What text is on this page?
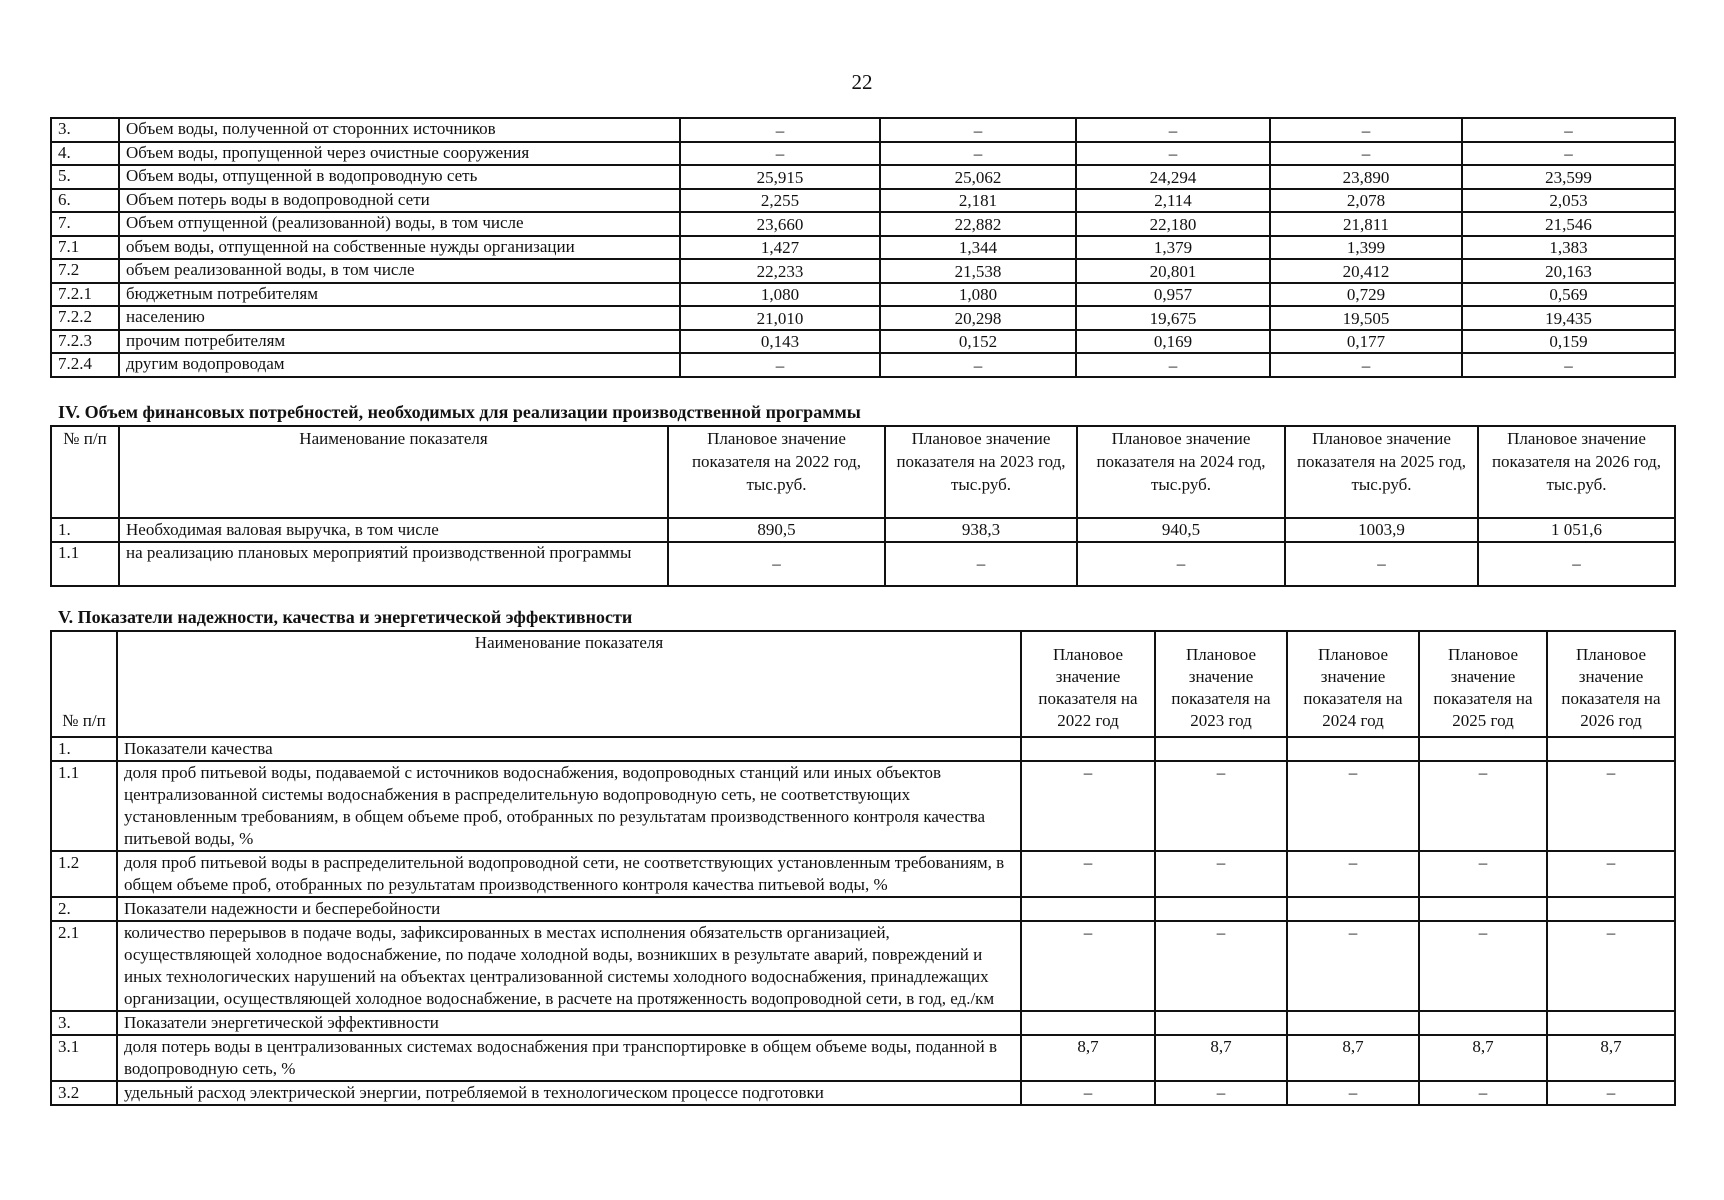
22
3.	Объем воды, полученной от сторонних источников	–	–	–	–	–
4.	Объем воды, пропущенной через очистные сооружения	–	–	–	–	–
5.	Объем воды, отпущенной в водопроводную сеть	25,915	25,062	24,294	23,890	23,599
6.	Объем потерь воды в водопроводной сети	2,255	2,181	2,114	2,078	2,053
7.	Объем отпущенной (реализованной) воды, в том числе	23,660	22,882	22,180	21,811	21,546
7.1	объем воды, отпущенной на собственные нужды организации	1,427	1,344	1,379	1,399	1,383
7.2	объем реализованной воды, в том числе	22,233	21,538	20,801	20,412	20,163
7.2.1	бюджетным потребителям	1,080	1,080	0,957	0,729	0,569
7.2.2	населению	21,010	20,298	19,675	19,505	19,435
7.2.3	прочим потребителям	0,143	0,152	0,169	0,177	0,159
7.2.4	другим водопроводам	–	–	–	–	–
IV. Объем финансовых потребностей, необходимых для реализации производственной программы
№ п/п	Наименование показателя	Плановое значение показателя на 2022 год, тыс.руб.	Плановое значение показателя на 2023 год, тыс.руб.	Плановое значение показателя на 2024 год, тыс.руб.	Плановое значение показателя на 2025 год, тыс.руб.	Плановое значение показателя на 2026 год, тыс.руб.
1.	Необходимая валовая выручка, в том числе	890,5	938,3	940,5	1003,9	1 051,6
1.1	на реализацию плановых мероприятий производственной программы	–	–	–	–	–
V. Показатели надежности, качества и энергетической эффективности
№ п/п	Наименование показателя	Плановое значение показателя на 2022 год	Плановое значение показателя на 2023 год	Плановое значение показателя на 2024 год	Плановое значение показателя на 2025 год	Плановое значение показателя на 2026 год
1.	Показатели качества					
1.1	доля проб питьевой воды, подаваемой с источников водоснабжения, водопроводных станций или иных объектов централизованной системы водоснабжения в распределительную водопроводную сеть, не соответствующих установленным требованиям, в общем объеме проб, отобранных по результатам производственного контроля качества питьевой воды, %	–	–	–	–	–
1.2	доля проб питьевой воды в распределительной водопроводной сети, не соответствующих установленным требованиям, в общем объеме проб, отобранных по результатам производственного контроля качества питьевой воды, %	–	–	–	–	–
2.	Показатели надежности и бесперебойности					
2.1	количество перерывов в подаче воды, зафиксированных в местах исполнения обязательств организацией, осуществляющей холодное водоснабжение, по подаче холодной воды, возникших в результате аварий, повреждений и иных технологических нарушений на объектах централизованной системы холодного водоснабжения, принадлежащих организации, осуществляющей холодное водоснабжение, в расчете на протяженность водопроводной сети, в год, ед./км	–	–	–	–	–
3.	Показатели энергетической эффективности					
3.1	доля потерь воды в централизованных системах водоснабжения при транспортировке в общем объеме воды, поданной в водопроводную сеть, %	8,7	8,7	8,7	8,7	8,7
3.2	удельный расход электрической энергии, потребляемой в технологическом процессе подготовки	–	–	–	–	–
